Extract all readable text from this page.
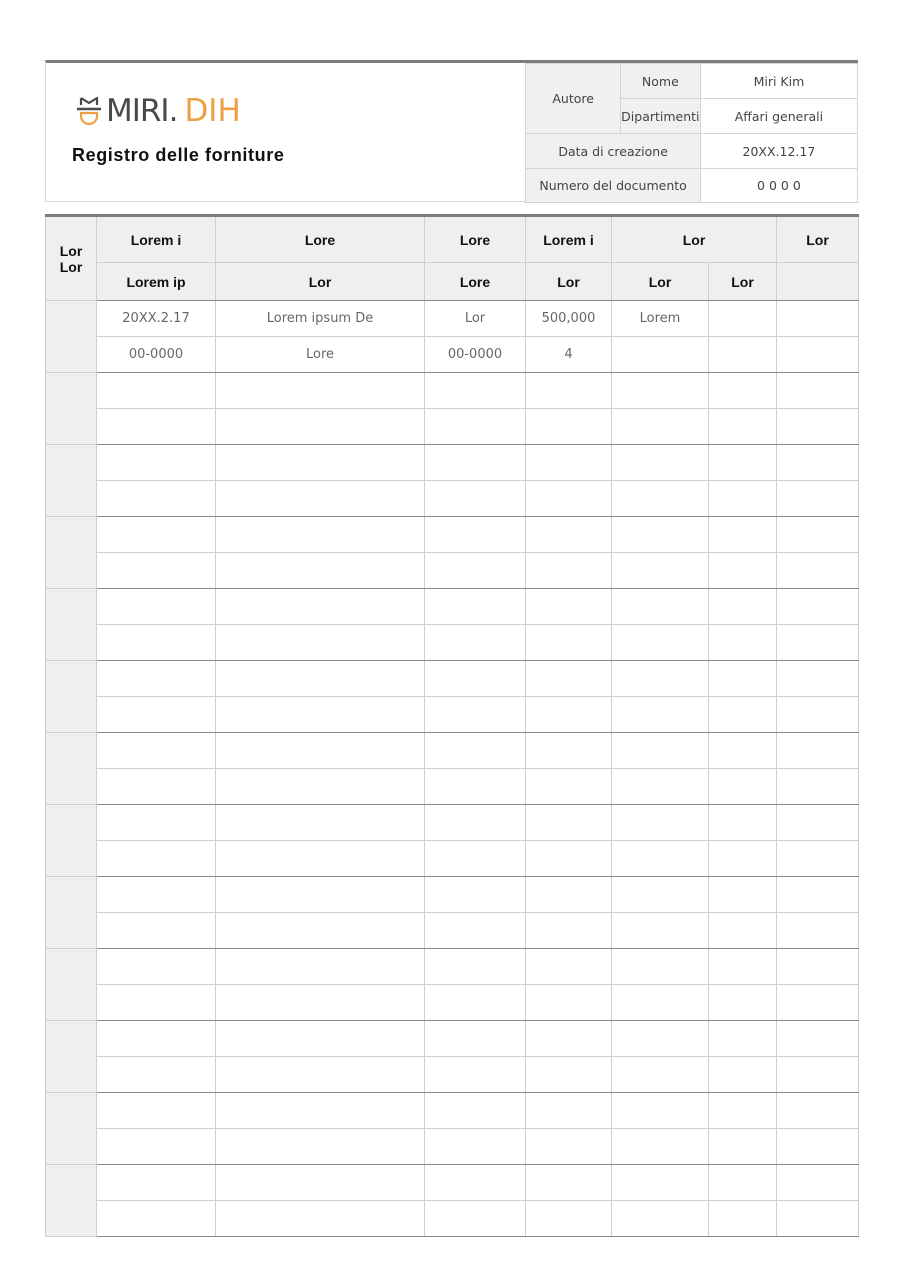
MIRI . DIH
Registro delle forniture
Autore	Nome	Miri Kim
	Dipartimenti	Affari generali
Data di creazione		20XX.12.17
Numero del documento		0 0 0 0
Lor Lor	Lorem i	Lore	Lore	Lorem i	Lor		Lor
	Lorem ip	Lor	Lore	Lor	Lor	Lor	
	20XX.2.17	Lorem ipsum De	Lor	500,000	Lorem		
	00-0000	Lore	00-0000	4			
